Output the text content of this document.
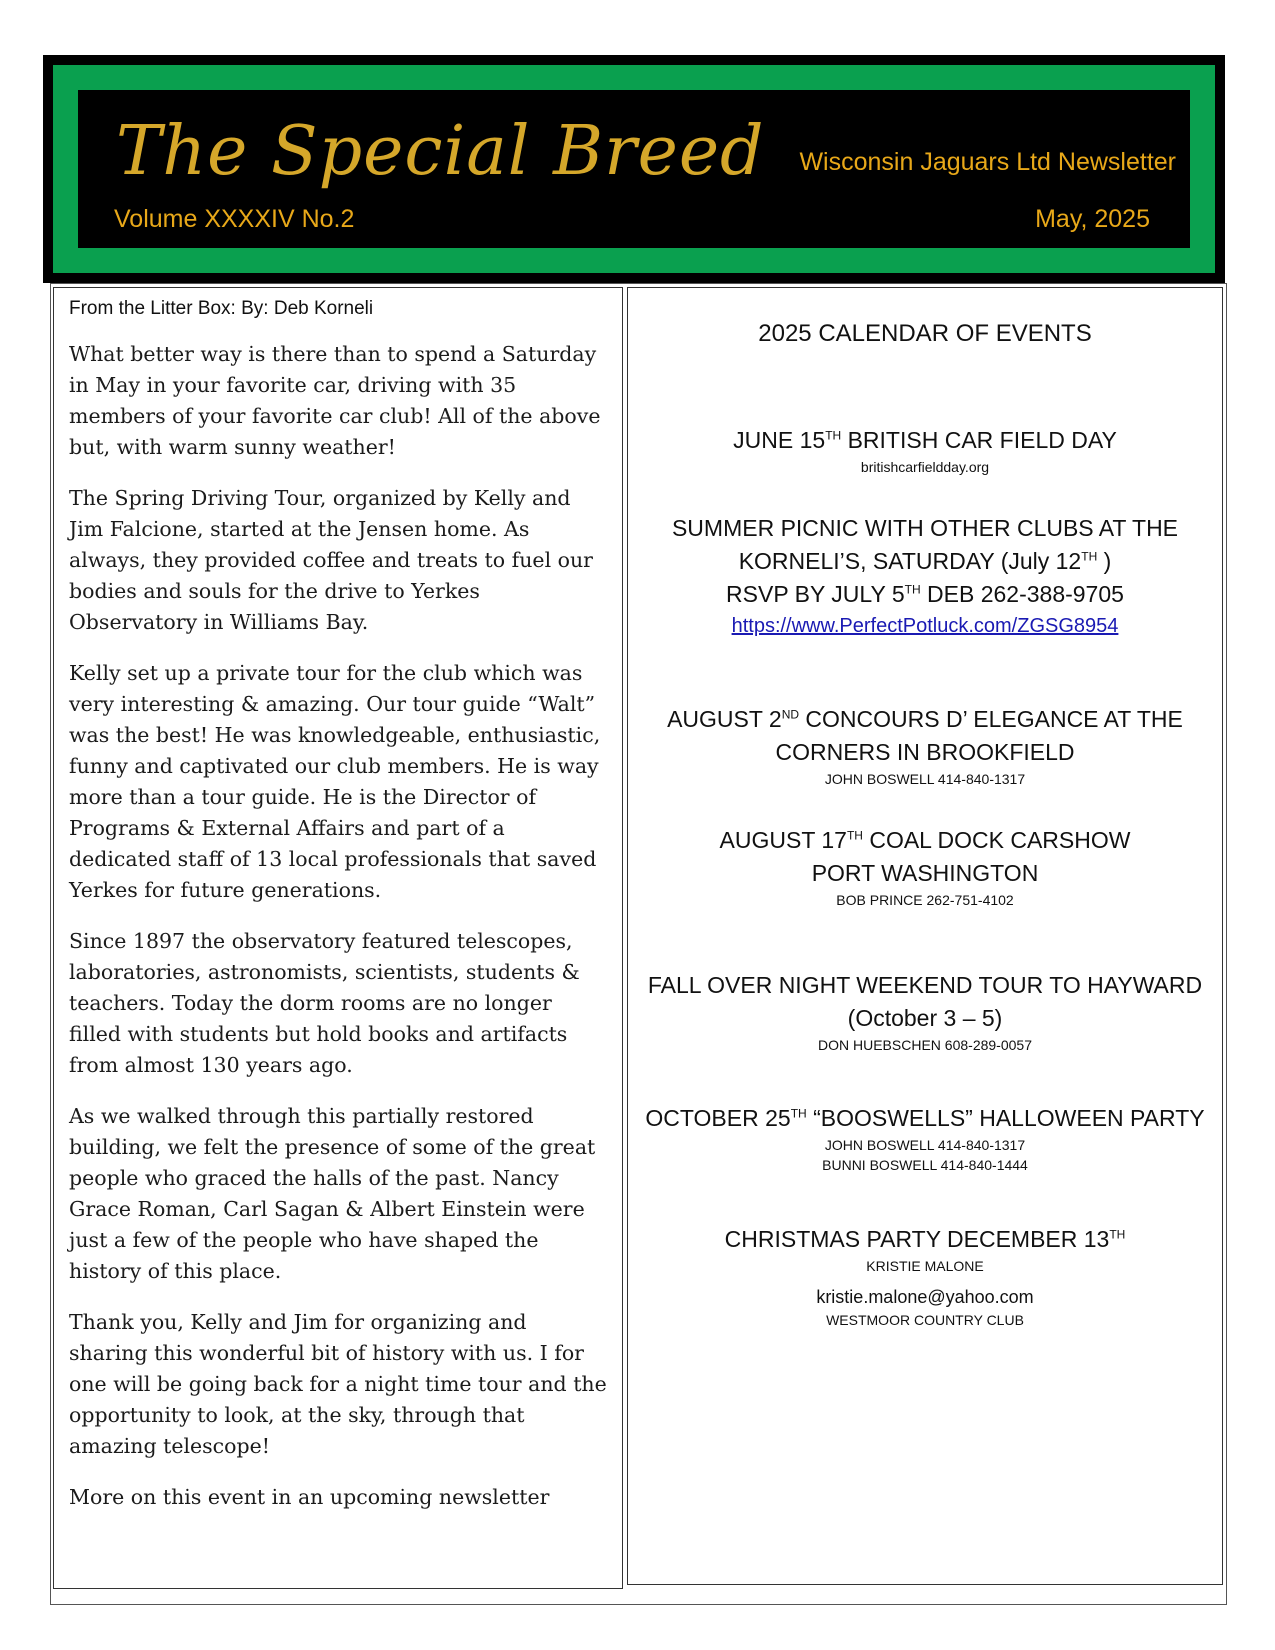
The Special Breed Wisconsin Jaguars Ltd Newsletter
Volume XXXXIV No.2	May, 2025
From the Litter Box: By: Deb Korneli

What better way is there than to spend a Saturday in May in your favorite car, driving with 35 members of your favorite car club! All of the above but, with warm sunny weather!

The Spring Driving Tour, organized by Kelly and Jim Falcione, started at the Jensen home. As always, they provided coffee and treats to fuel our bodies and souls for the drive to Yerkes Observatory in Williams Bay.

Kelly set up a private tour for the club which was very interesting & amazing. Our tour guide “Walt” was the best! He was knowledgeable, enthusiastic, funny and captivated our club members. He is way more than a tour guide. He is the Director of Programs & External Affairs and part of a dedicated staff of 13 local professionals that saved Yerkes for future generations.

Since 1897 the observatory featured telescopes, laboratories, astronomists, scientists, students & teachers. Today the dorm rooms are no longer filled with students but hold books and artifacts from almost 130 years ago.

As we walked through this partially restored building, we felt the presence of some of the great people who graced the halls of the past. Nancy Grace Roman, Carl Sagan & Albert Einstein were just a few of the people who have shaped the history of this place.

Thank you, Kelly and Jim for organizing and sharing this wonderful bit of history with us. I for one will be going back for a night time tour and the opportunity to look, at the sky, through that amazing telescope!

More on this event in an upcoming newsletter

2025 CALENDAR OF EVENTS
JUNE 15TH BRITISH CAR FIELD DAY
britishcarfieldday.org
SUMMER PICNIC WITH OTHER CLUBS AT THE
KORNELI’S, SATURDAY (July 12TH )
RSVP BY JULY 5TH DEB 262-388-9705
https://www.PerfectPotluck.com/ZGSG8954
AUGUST 2ND CONCOURS D’ ELEGANCE AT THE
CORNERS IN BROOKFIELD
JOHN BOSWELL 414-840-1317
AUGUST 17TH COAL DOCK CARSHOW
PORT WASHINGTON
BOB PRINCE 262-751-4102
FALL OVER NIGHT WEEKEND TOUR TO HAYWARD
(October 3 – 5)
DON HUEBSCHEN 608-289-0057
OCTOBER 25TH “BOOSWELLS” HALLOWEEN PARTY
JOHN BOSWELL 414-840-1317
BUNNI BOSWELL 414-840-1444
CHRISTMAS PARTY DECEMBER 13TH
KRISTIE MALONE
kristie.malone@yahoo.com
WESTMOOR COUNTRY CLUB
